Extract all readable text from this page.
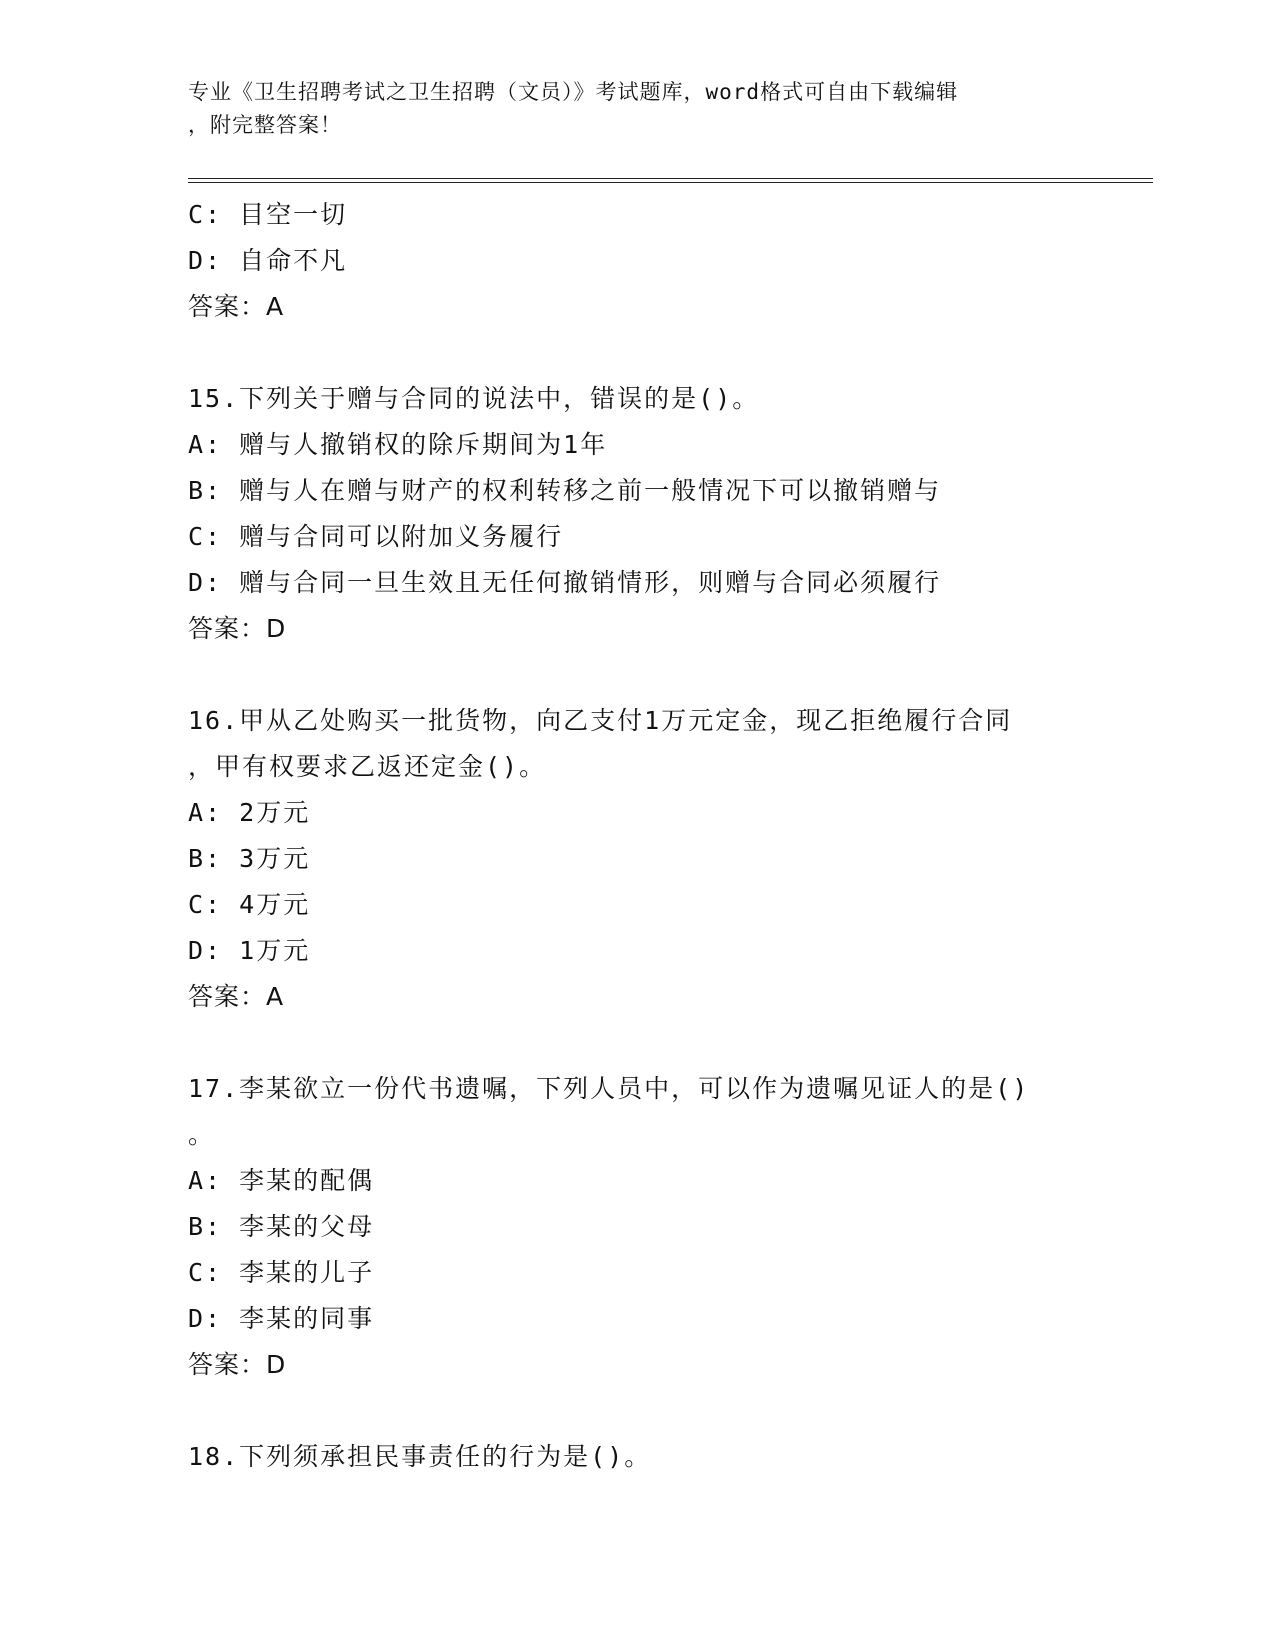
专业《卫生招聘考试之卫生招聘（文员）》考试题库，word格式可自由下载编辑
，附完整答案！
C: 目空一切
D: 自命不凡
答案：A
15.下列关于赠与合同的说法中，错误的是()。
A: 赠与人撤销权的除斥期间为1年
B: 赠与人在赠与财产的权利转移之前一般情况下可以撤销赠与
C: 赠与合同可以附加义务履行
D: 赠与合同一旦生效且无任何撤销情形，则赠与合同必须履行
答案：D
16.甲从乙处购买一批货物，向乙支付1万元定金，现乙拒绝履行合同
，甲有权要求乙返还定金()。
A: 2万元
B: 3万元
C: 4万元
D: 1万元
答案：A
17.李某欲立一份代书遗嘱，下列人员中，可以作为遗嘱见证人的是()
。
A: 李某的配偶
B: 李某的父母
C: 李某的儿子
D: 李某的同事
答案：D
18.下列须承担民事责任的行为是()。
